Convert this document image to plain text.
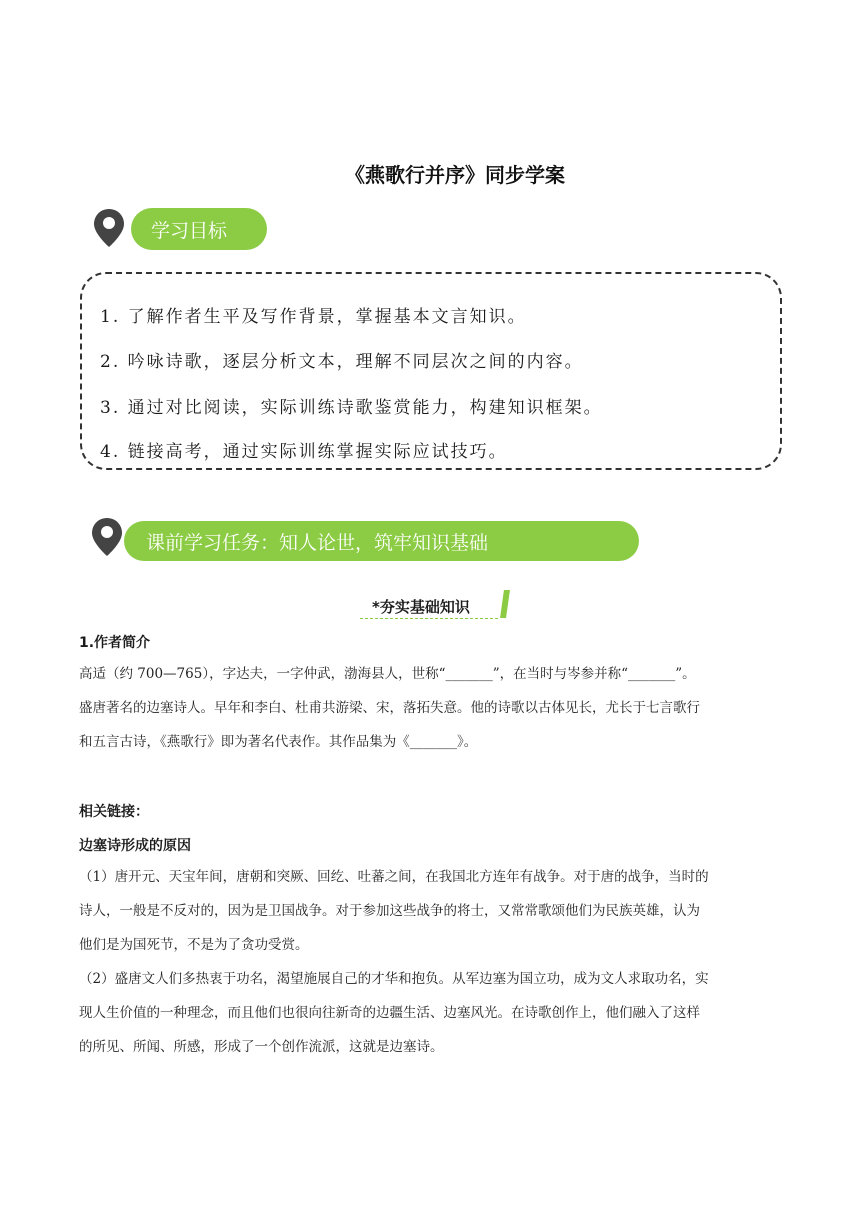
《燕歌行并序》同步学案
学习目标
1. 了解作者生平及写作背景，掌握基本文言知识。
2. 吟咏诗歌，逐层分析文本，理解不同层次之间的内容。
3. 通过对比阅读，实际训练诗歌鉴赏能力，构建知识框架。
4. 链接高考，通过实际训练掌握实际应试技巧。
课前学习任务：知人论世，筑牢知识基础
*夯实基础知识
1.作者简介
高适（约 700—765），字达夫，一字仲武，渤海县人，世称“_______”，在当时与岑参并称“_______”。
盛唐著名的边塞诗人。早年和李白、杜甫共游梁、宋，落拓失意。他的诗歌以古体见长，尤长于七言歌行
和五言古诗，《燕歌行》即为著名代表作。其作品集为《_______》。
相关链接：
边塞诗形成的原因
（1）唐开元、天宝年间，唐朝和突厥、回纥、吐蕃之间，在我国北方连年有战争。对于唐的战争，当时的
诗人，一般是不反对的，因为是卫国战争。对于参加这些战争的将士，又常常歌颂他们为民族英雄，认为
他们是为国死节，不是为了贪功受赏。
（2）盛唐文人们多热衷于功名，渴望施展自己的才华和抱负。从军边塞为国立功，成为文人求取功名，实
现人生价值的一种理念，而且他们也很向往新奇的边疆生活、边塞风光。在诗歌创作上，他们融入了这样
的所见、所闻、所感，形成了一个创作流派，这就是边塞诗。
